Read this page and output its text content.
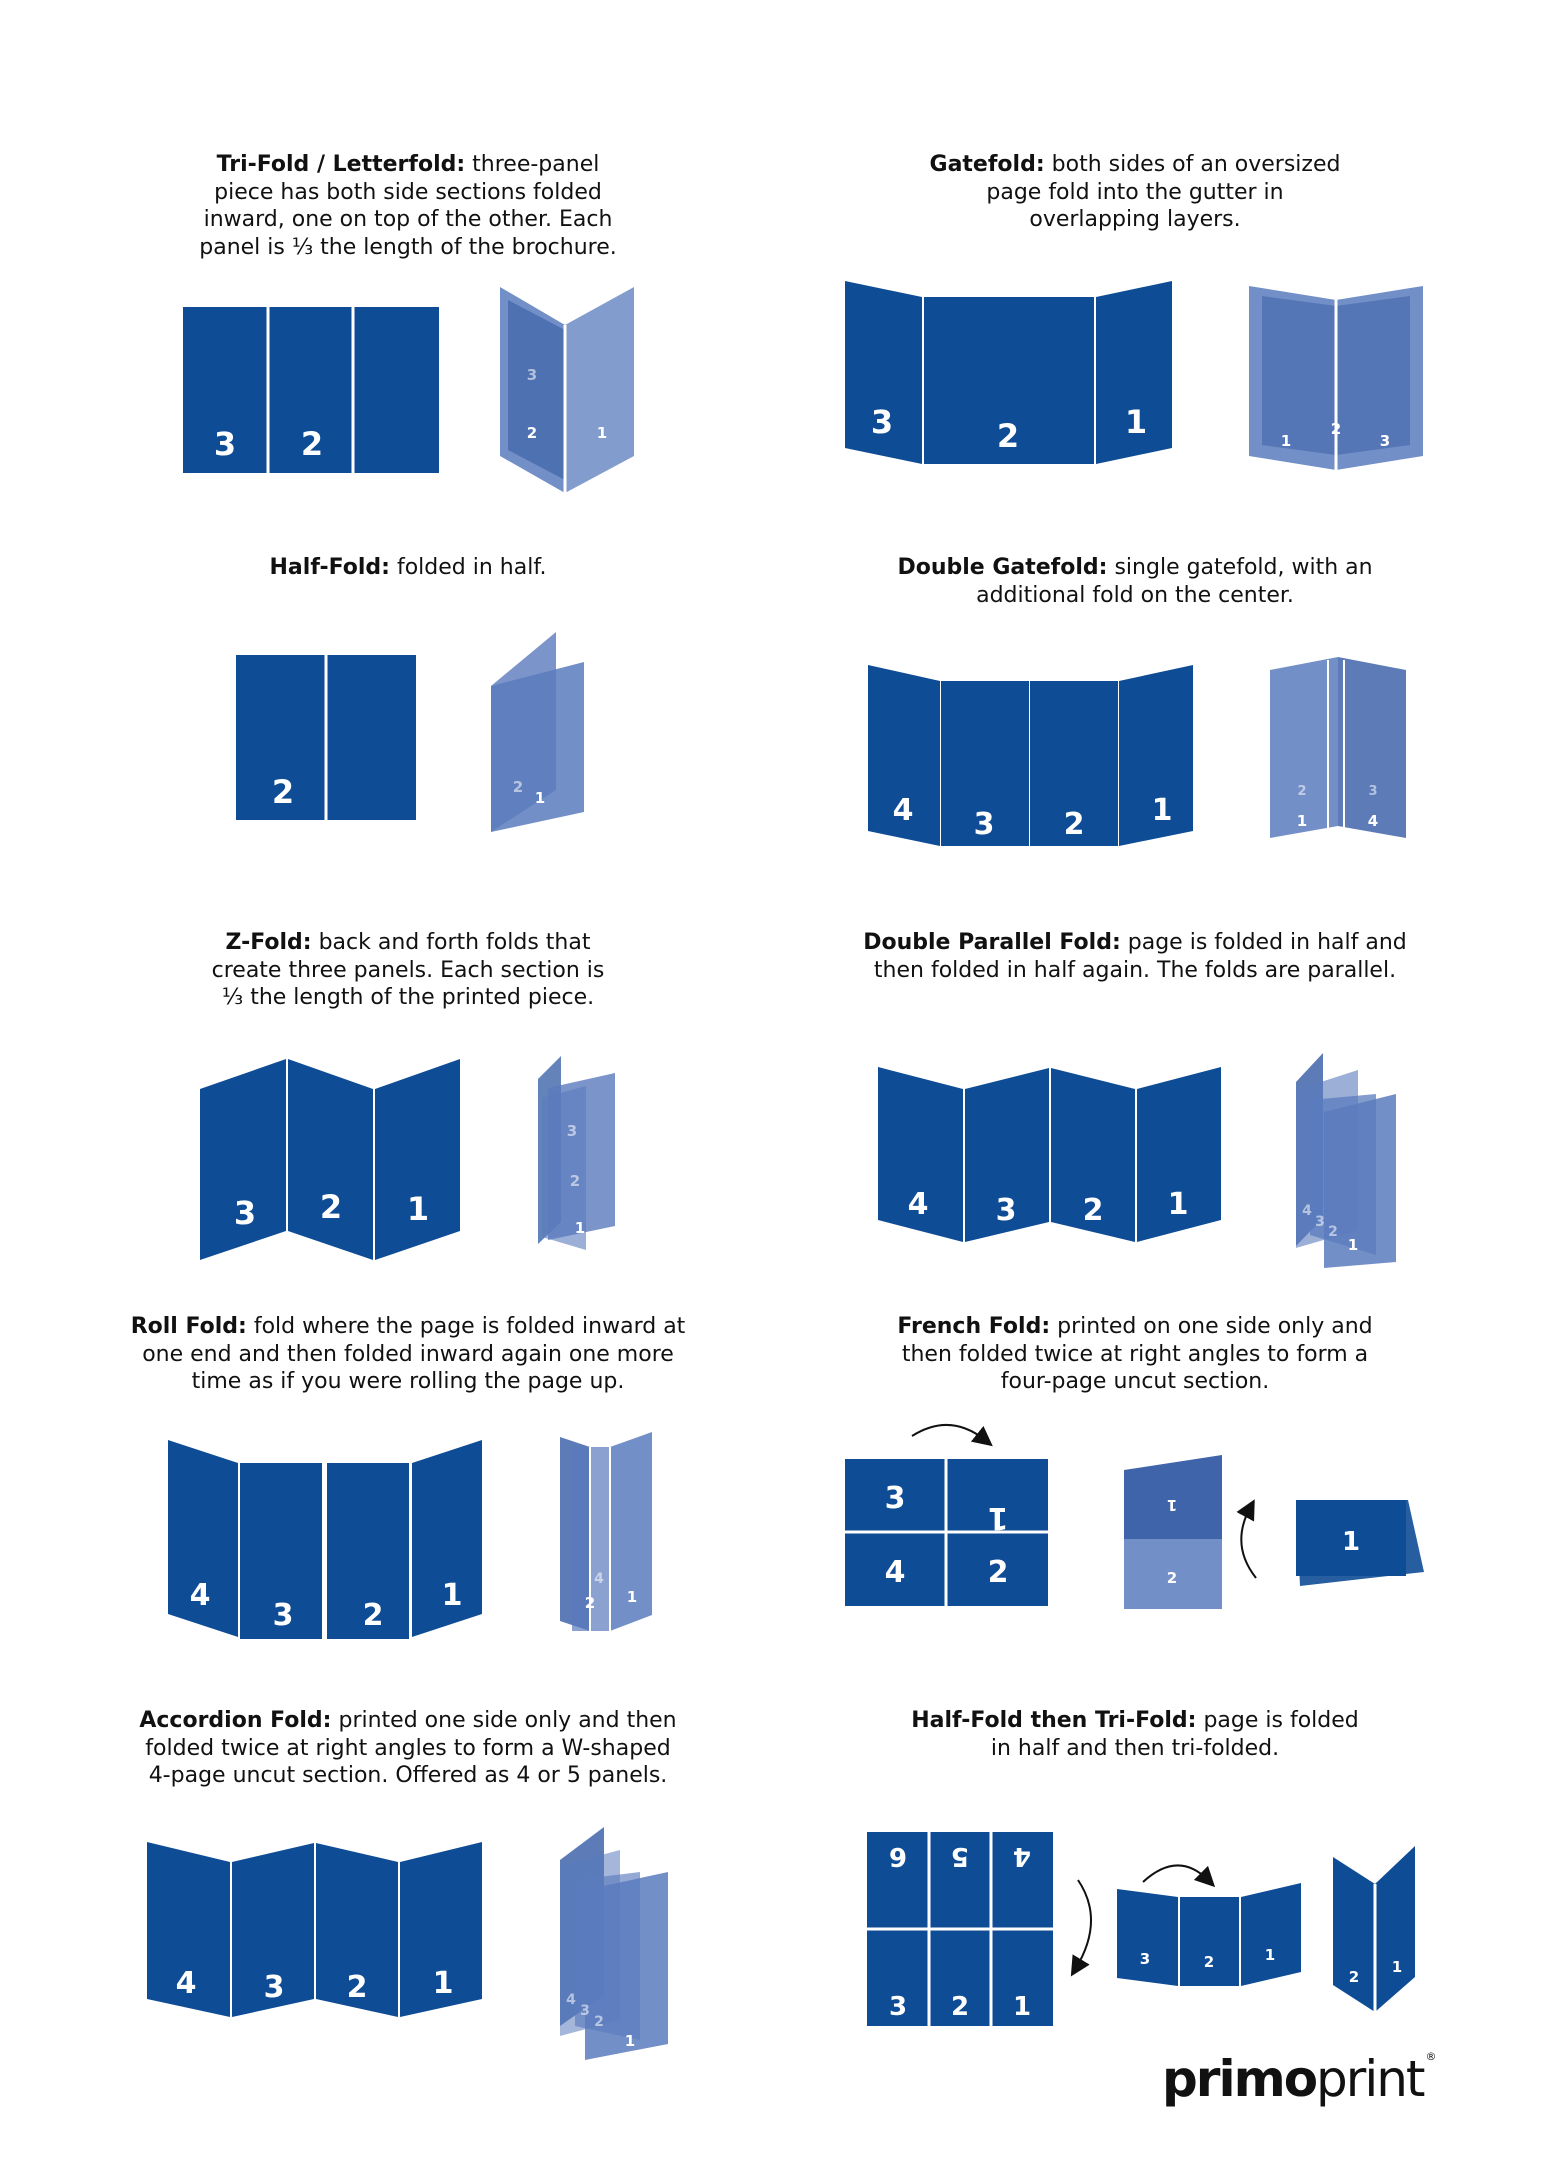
Tri-Fold / Letterfold: three-panel
piece has both side sections folded
inward, one on top of the other. Each
panel is ⅓ the length of the brochure.
Gatefold: both sides of an oversized
page fold into the gutter in
overlapping layers.
Half-Fold: folded in half.	Double Gatefold: single gatefold, with an
additional fold on the center.
Z-Fold: back and forth folds that
create three panels. Each section is
⅓ the length of the printed piece.
Double Parallel Fold: page is folded in half and
then folded in half again. The folds are parallel.
Roll Fold: fold where the page is folded inward at
one end and then folded inward again one more
time as if you were rolling the page up.
French Fold: printed on one side only and
then folded twice at right angles to form a
four-page uncut section.
Accordion Fold: printed one side only and then
folded twice at right angles to form a W-shaped
4-page uncut section. Offered as 4 or 5 panels.
Half-Fold then Tri-Fold: page is folded
in half and then tri-folded.
3 2
3
2	1	3	2	1	1
2
3
2	2
1	4 3 2 1
2	3
1	4
3 2 1
3
2
1
4 3 2 1	4
3
2
1
4
3 2
1	4
2 1
3
1
4	2
1
2
1
4 3 2 1	4
3
2
1
6 5 4
3 2 1
3	2	1
2
1
primoprint ®
